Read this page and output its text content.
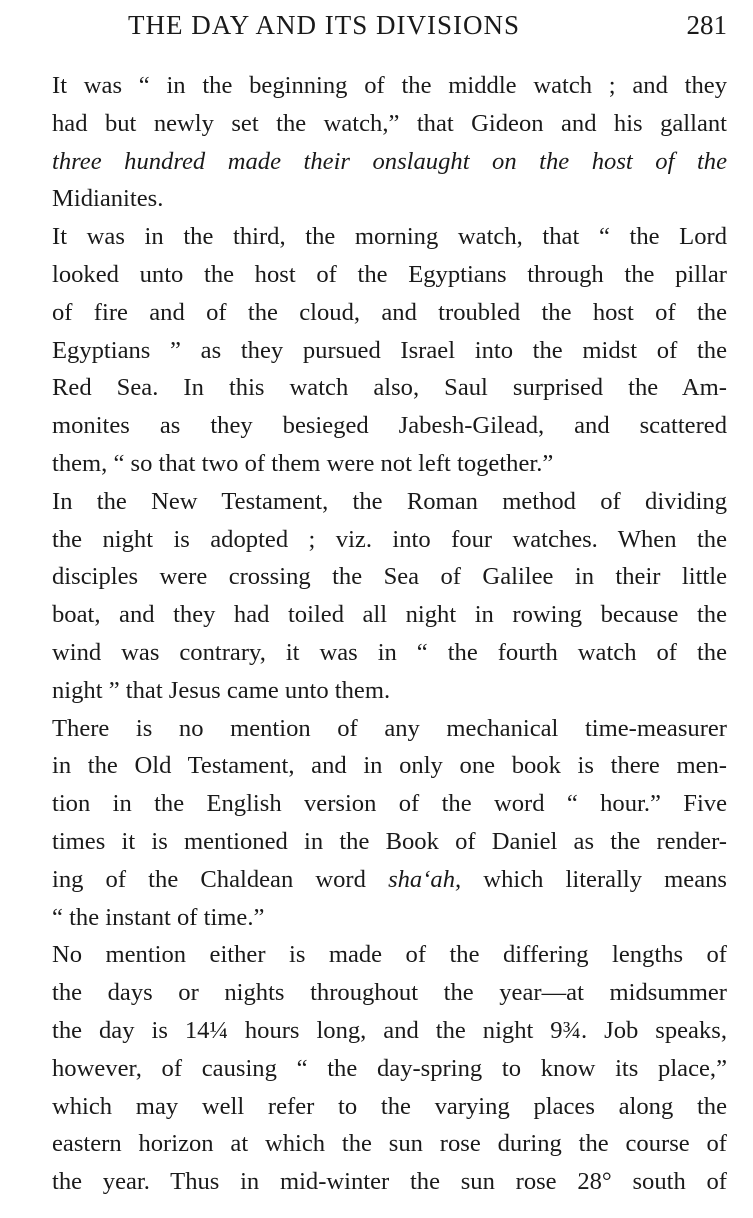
THE DAY AND ITS DIVISIONS	281

It was “ in the beginning of the middle watch ; and they
had but newly set the watch,” that Gideon and his gallant
three hundred made their onslaught on the host of the
Midianites.

It was in the third, the morning watch, that “ the Lord
looked unto the host of the Egyptians through the pillar
of fire and of the cloud, and troubled the host of the
Egyptians ” as they pursued Israel into the midst of the
Red Sea. In this watch also, Saul surprised the Am-
monites as they besieged Jabesh-Gilead, and scattered
them, “ so that two of them were not left together.”

In the New Testament, the Roman method of dividing
the night is adopted ; viz. into four watches. When the
disciples were crossing the Sea of Galilee in their little
boat, and they had toiled all night in rowing because the
wind was contrary, it was in “ the fourth watch of the
night ” that Jesus came unto them.

There is no mention of any mechanical time-measurer
in the Old Testament, and in only one book is there men-
tion in the English version of the word “ hour.” Five
times it is mentioned in the Book of Daniel as the render-
ing of the Chaldean word sha‘ah, which literally means
“ the instant of time.”

No mention either is made of the differing lengths of
the days or nights throughout the year—at midsummer
the day is 14¼ hours long, and the night 9¾. Job speaks,
however, of causing “ the day-spring to know its place,”
which may well refer to the varying places along the
eastern horizon at which the sun rose during the course of
the year. Thus in mid-winter the sun rose 28° south of
